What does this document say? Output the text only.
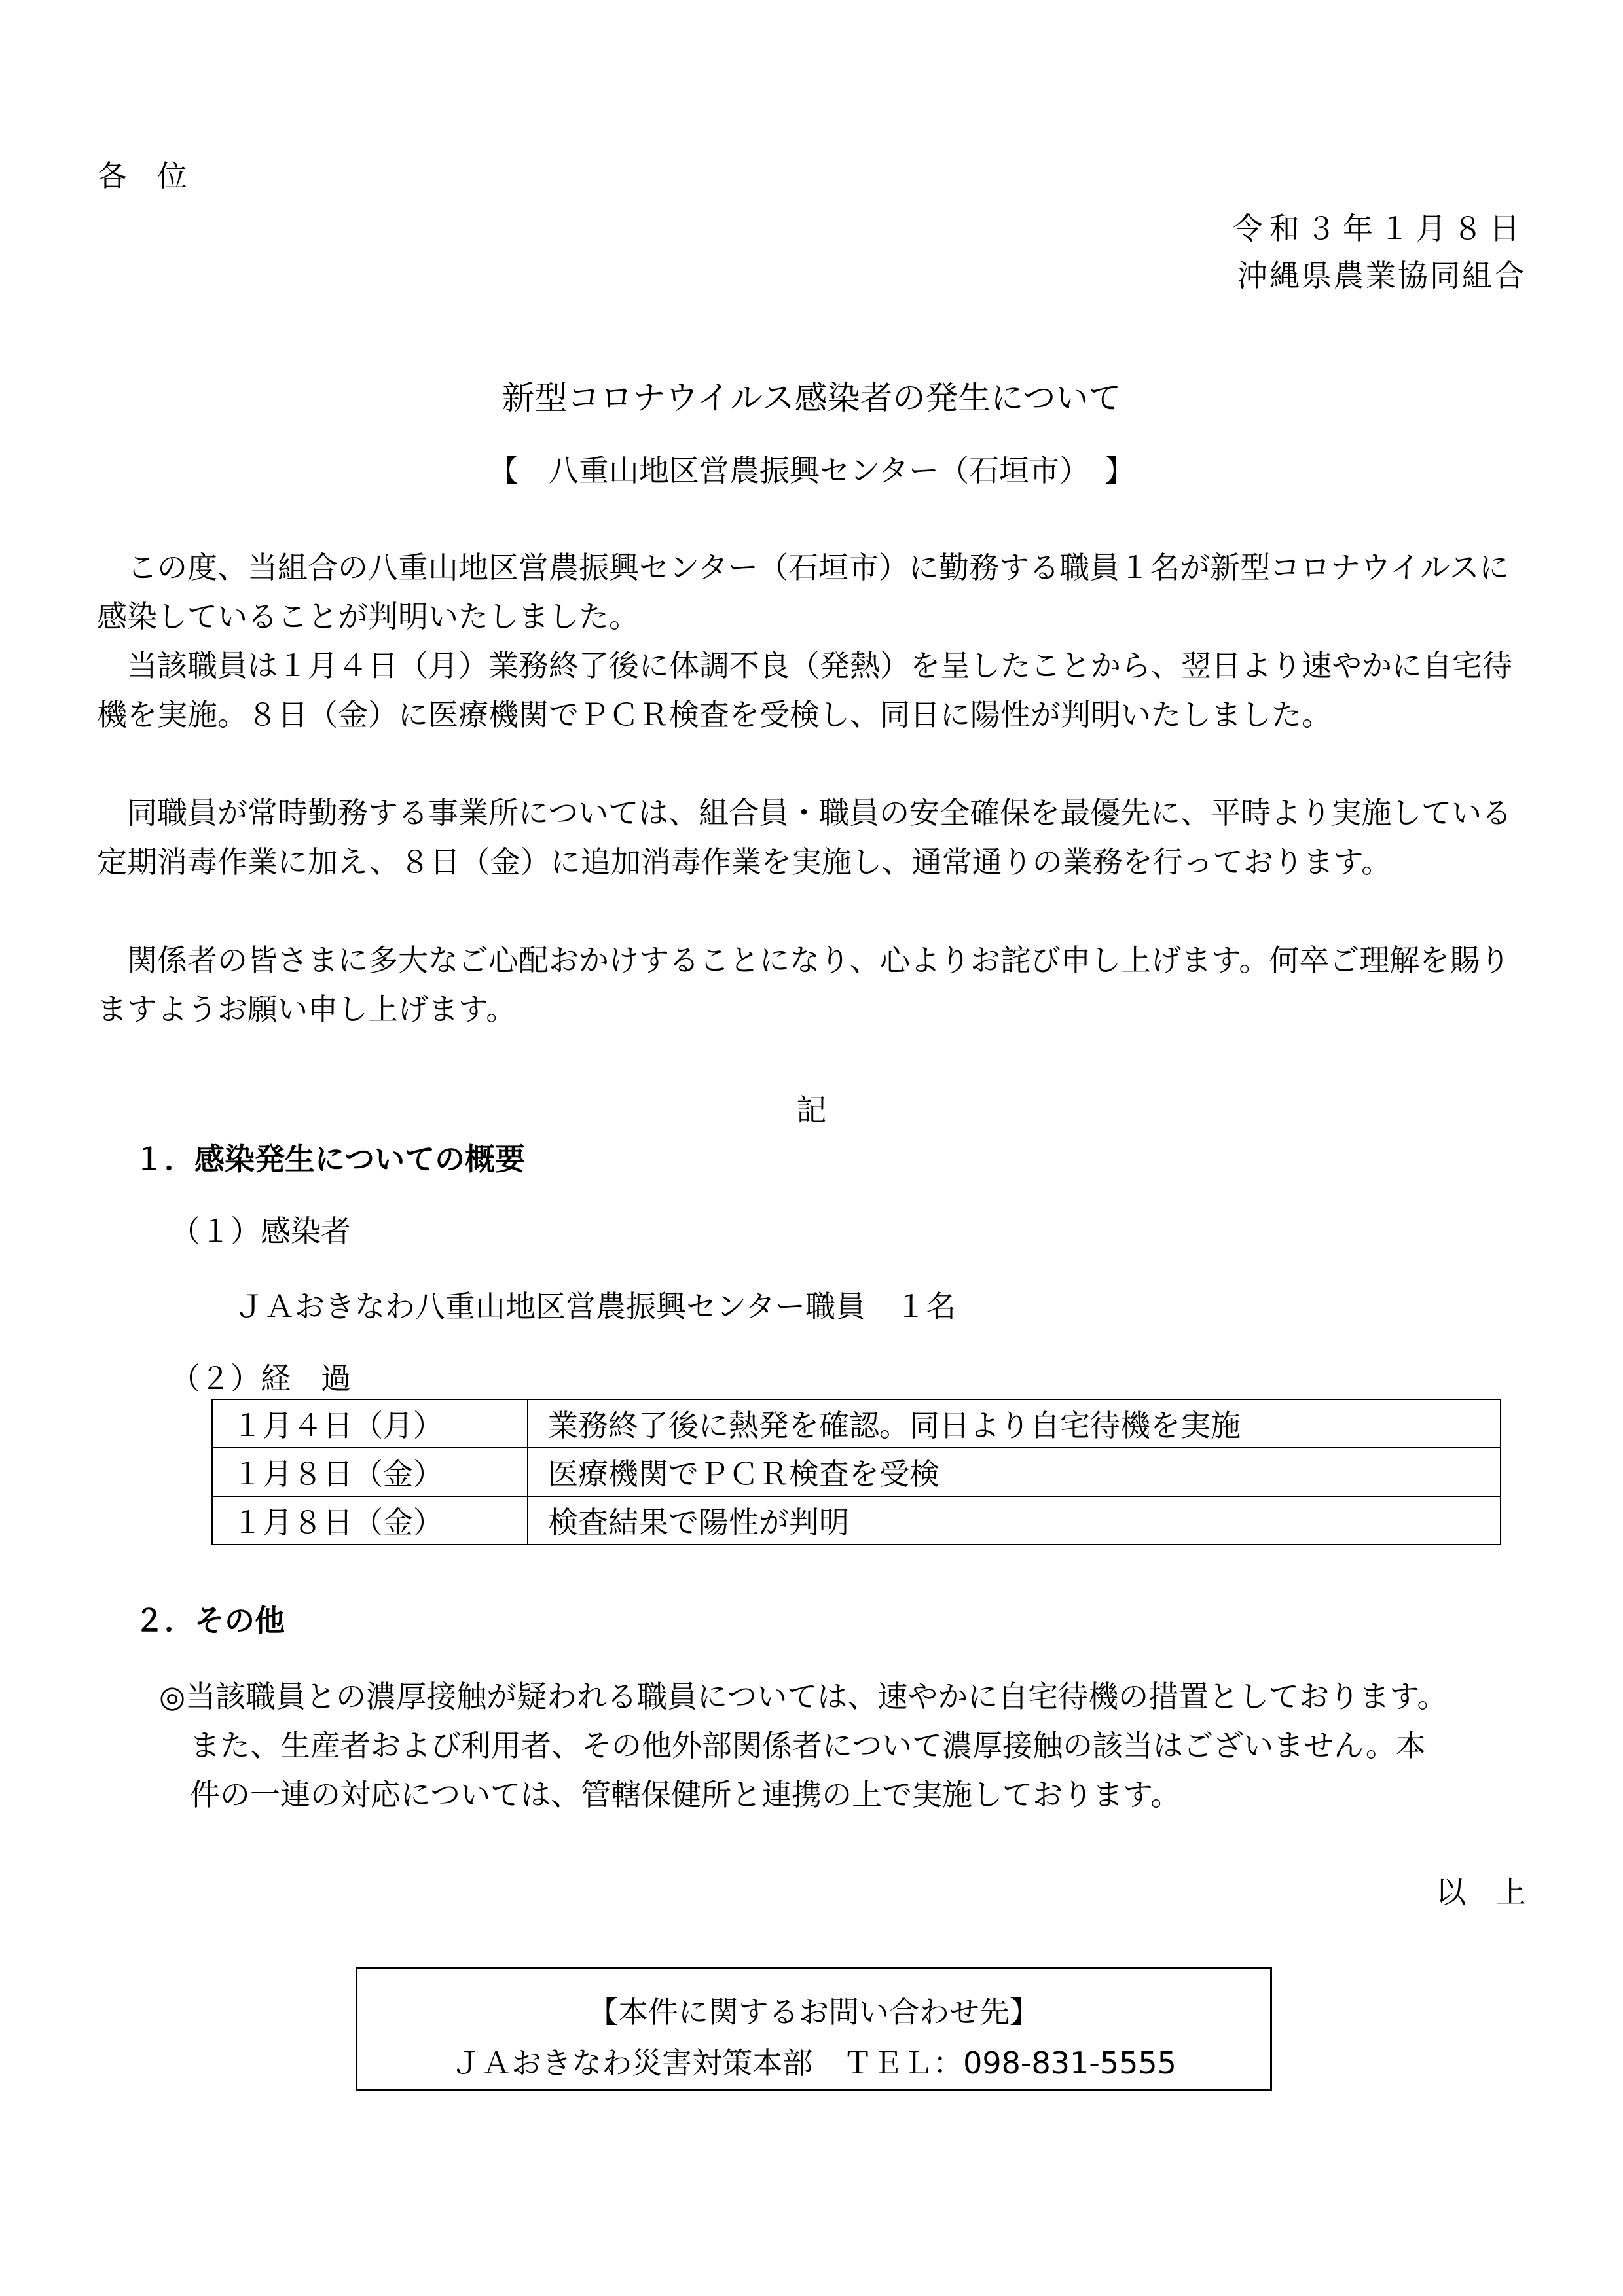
各　位
令和３年１月８日
沖縄県農業協同組合
新型コロナウイルス感染者の発生について
【　八重山地区営農振興センター（石垣市）　】

この度、当組合の八重山地区営農振興センター（石垣市）に勤務する職員１名が新型コロナウイルスに感染していることが判明いたしました。

当該職員は１月４日（月）業務終了後に体調不良（発熱）を呈したことから、翌日より速やかに自宅待機を実施。８日（金）に医療機関でＰＣＲ検査を受検し、同日に陽性が判明いたしました。

同職員が常時勤務する事業所については、組合員・職員の安全確保を最優先に、平時より実施している定期消毒作業に加え、８日（金）に追加消毒作業を実施し、通常通りの業務を行っております。

関係者の皆さまに多大なご心配おかけすることになり、心よりお詫び申し上げます。何卒ご理解を賜りますようお願い申し上げます。

記
１．感染発生についての概要
（１）感染者
ＪＡおきなわ八重山地区営農振興センター職員　１名
（２）経　過
１月４日（月）	業務終了後に熱発を確認。同日より自宅待機を実施
１月８日（金）	医療機関でＰＣＲ検査を受検
１月８日（金）	検査結果で陽性が判明
２．その他
◎当該職員との濃厚接触が疑われる職員については、速やかに自宅待機の措置としております。
また、生産者および利用者、その他外部関係者について濃厚接触の該当はございません。本
件の一連の対応については、管轄保健所と連携の上で実施しております。
以　上
【本件に関するお問い合わせ先】
ＪＡおきなわ災害対策本部　ＴＥＬ：098-831-5555
